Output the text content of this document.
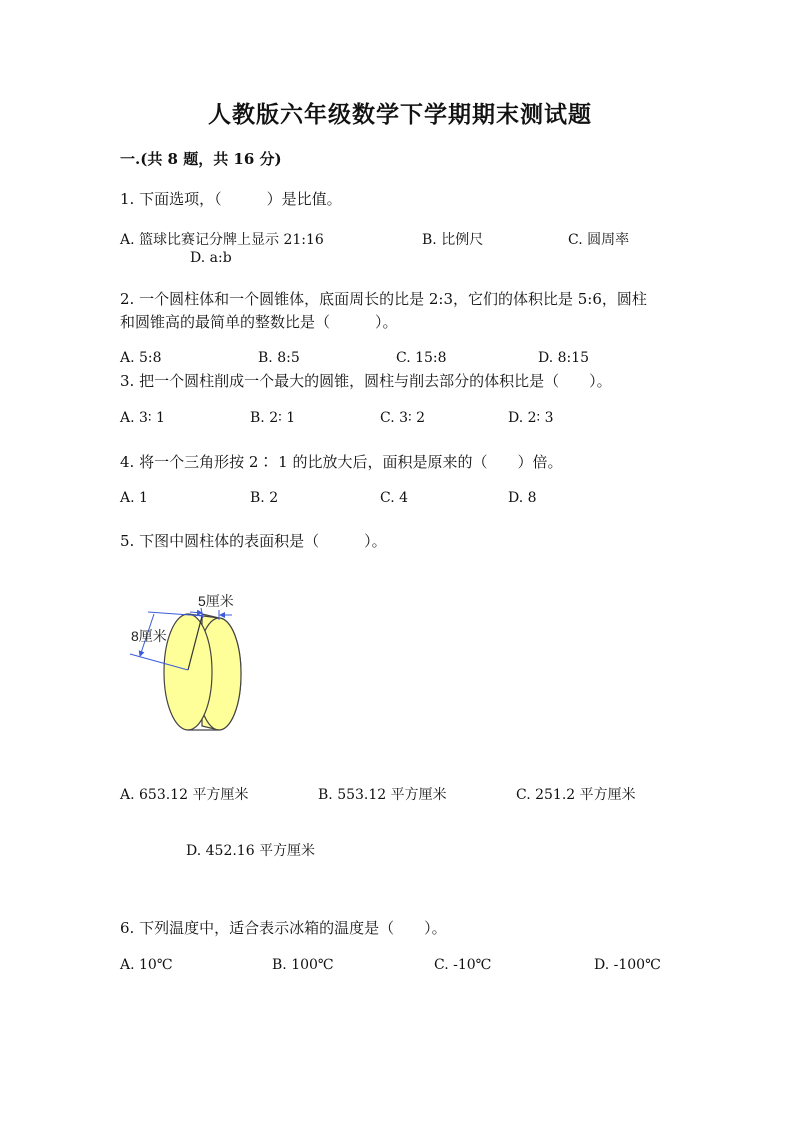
人教版六年级数学下学期期末测试题
一.(共 8 题，共 16 分)
1. 下面选项，（　　　）是比值。
A. 篮球比赛记分牌上显示 21:16	B. 比例尺	C. 圆周率
D. a:b
2. 一个圆柱体和一个圆锥体，底面周长的比是 2:3，它们的体积比是 5:6，圆柱
和圆锥高的最简单的整数比是（　　　）。
A. 5:8	B. 8:5	C. 15:8	D. 8:15
3. 把一个圆柱削成一个最大的圆锥，圆柱与削去部分的体积比是（　　）。
A. 3∶ 1	B. 2∶ 1	C. 3∶ 2	D. 2∶ 3
4. 将一个三角形按 2∶ 1 的比放大后，面积是原来的（　　）倍。
A. 1	B. 2	C. 4	D. 8
5. 下图中圆柱体的表面积是（　　　）。
5厘米
8厘米
A. 653.12 平方厘米	B. 553.12 平方厘米	C. 251.2 平方厘米
D. 452.16 平方厘米
6. 下列温度中，适合表示冰箱的温度是（　　）。
A. 10℃	B. 100℃	C. -10℃	D. -100℃
